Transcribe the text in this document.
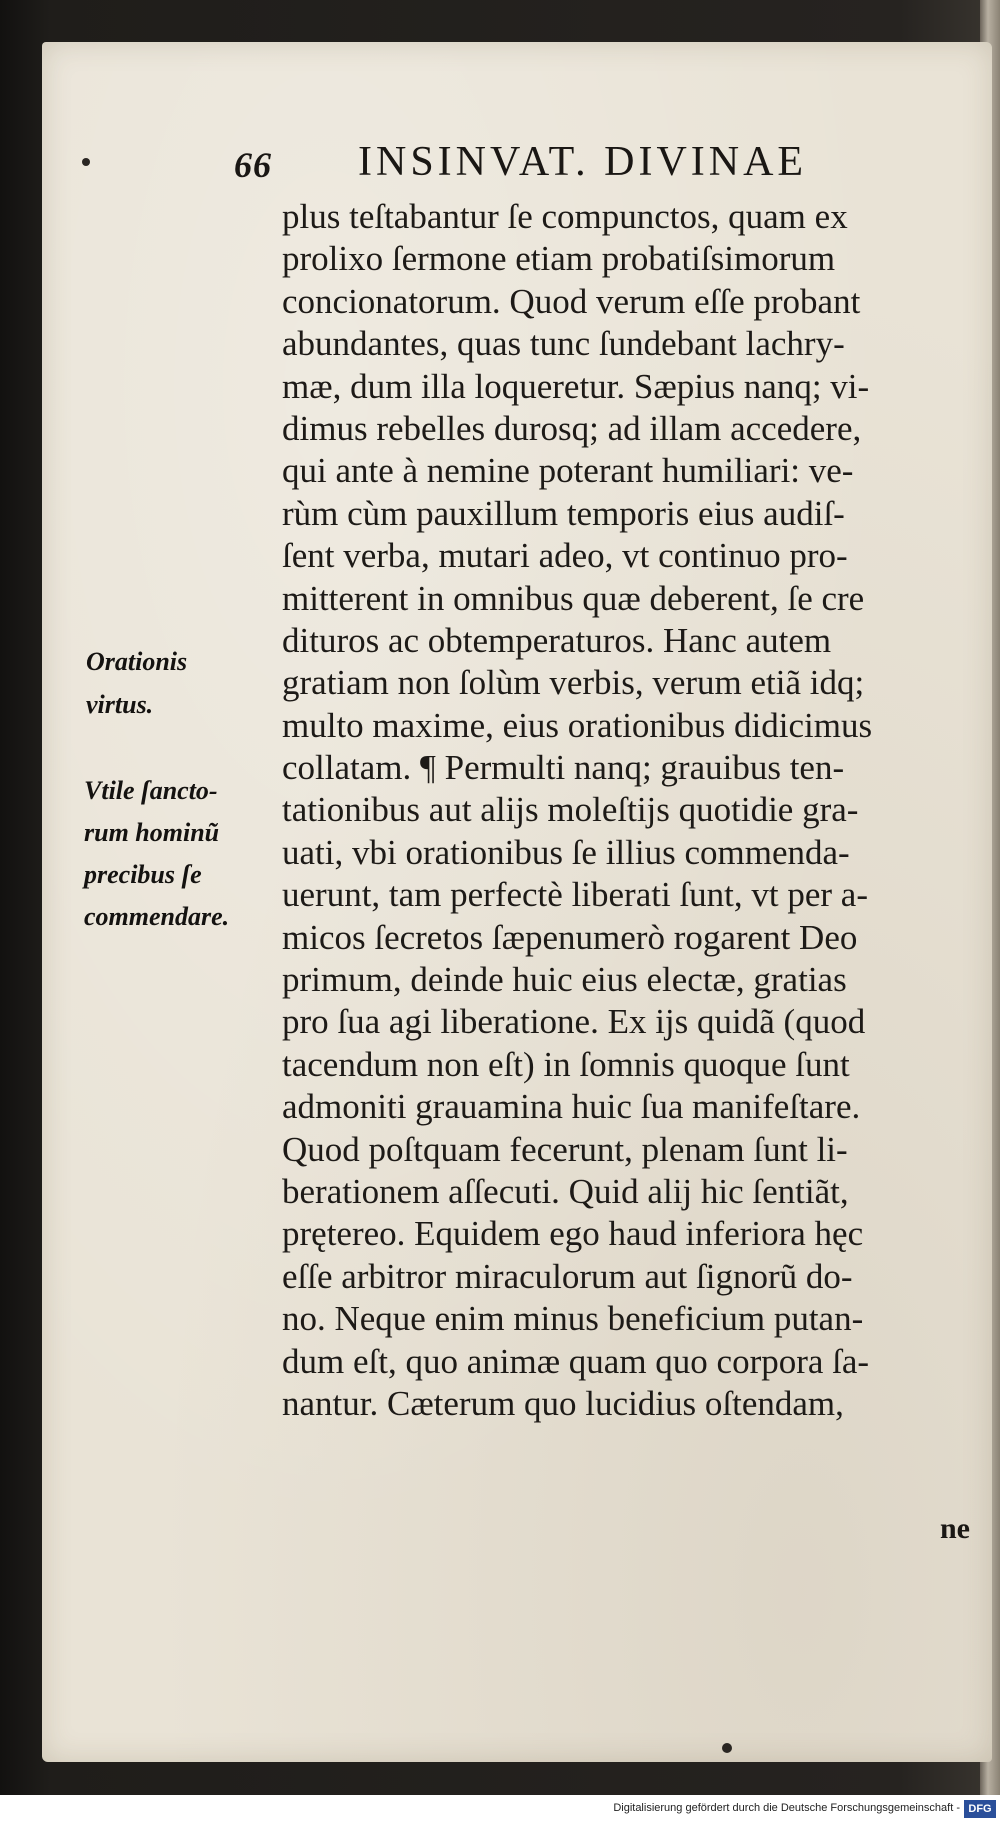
66 INSINVAT. DIVINAE
plus teſtabantur ſe compunctos, quam ex
prolixo ſermone etiam probatiſsimorum
concionatorum. Quod verum eſſe probant
abundantes, quas tunc ſundebant lachry-
mæ, dum illa loqueretur. Sæpius nanq; vi-
dimus rebelles durosq; ad illam accedere,
qui ante à nemine poterant humiliari: ve-
rùm cùm pauxillum temporis eius audiſ-
ſent verba, mutari adeo, vt continuo pro-
mitterent in omnibus quæ deberent, ſe cre
dituros ac obtemperaturos. Hanc autem
gratiam non ſolùm verbis, verum etiã idq;
multo maxime, eius orationibus didicimus
collatam. ¶ Permulti nanq; grauibus ten-
tationibus aut alijs moleſtijs quotidie gra-
uati, vbi orationibus ſe illius commenda-
uerunt, tam perfectè liberati ſunt, vt per a-
micos ſecretos ſæpenumerò rogarent Deo
primum, deinde huic eius electæ, gratias
pro ſua agi liberatione. Ex ijs quidã (quod
tacendum non eſt) in ſomnis quoque ſunt
admoniti grauamina huic ſua manifeſtare.
Quod poſtquam fecerunt, plenam ſunt li-
berationem aſſecuti. Quid alij hic ſentiãt,
prętereo. Equidem ego haud inferiora hęc
eſſe arbitror miraculorum aut ſignorũ do-
no. Neque enim minus beneficium putan-
dum eſt, quo animæ quam quo corpora ſa-
nantur. Cæterum quo lucidius oſtendam,
Orationis
virtus.
Vtile ſancto-
rum hominũ
precibus ſe
commendare.
ne
Digitalisierung gefördert durch die Deutsche Forschungsgemeinschaft - DFG
